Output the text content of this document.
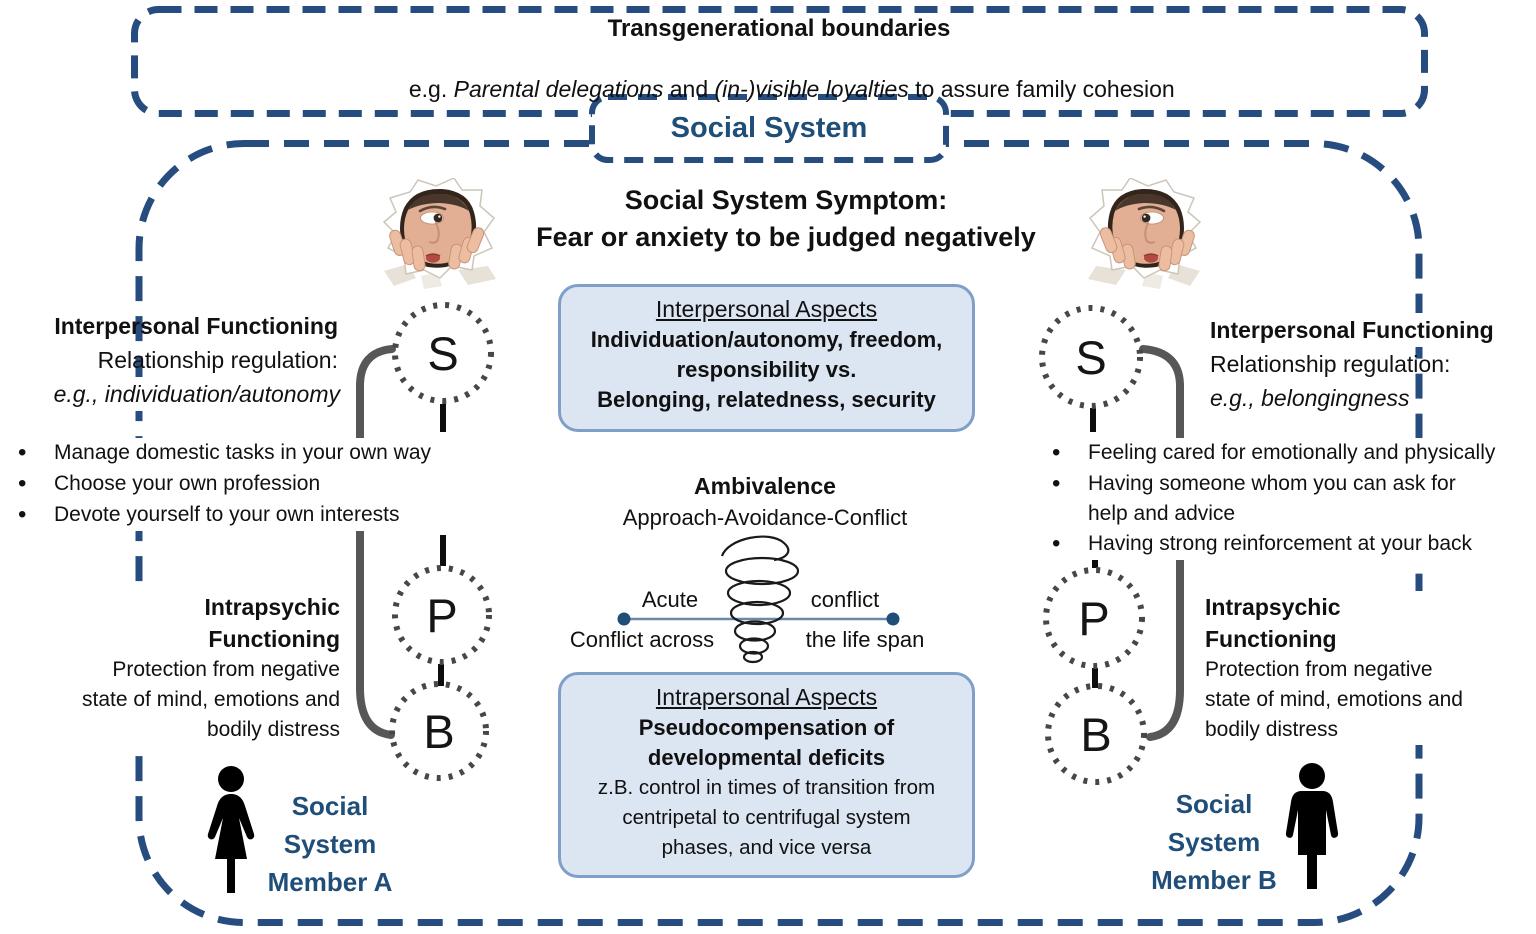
Transgenerational boundaries

e.g. Parental delegations and (in-)visible loyalties to assure family cohesion

Social System
Social System Symptom:
Fear or anxiety to be judged negatively
Interpersonal Functioning
Relationship regulation:
e.g., individuation/autonomy
•
Manage domestic tasks in your own way
•
Choose your own profession
•
Devote yourself to your own interests
Intrapsychic
Functioning
Protection from negative
state of mind, emotions and
bodily distress
Social
System
Member A
S
P
B
Interpersonal Functioning
Relationship regulation:
e.g., belongingness
•
Feeling cared for emotionally and physically
•
Having someone whom you can ask for help and advice
•
Having strong reinforcement at your back
Intrapsychic
Functioning
Protection from negative
state of mind, emotions and
bodily distress
Social
System
Member B
S
P
B
Interpersonal Aspects
Individuation/autonomy, freedom,
responsibility vs.
Belonging, relatedness, security
Ambivalence
Approach-Avoidance-Conflict
Acute	conflict
Conflict across	the life span
Intrapersonal Aspects
Pseudocompensation of
developmental deficits
z.B. control in times of transition from
centripetal to centrifugal system
phases, and vice versa
